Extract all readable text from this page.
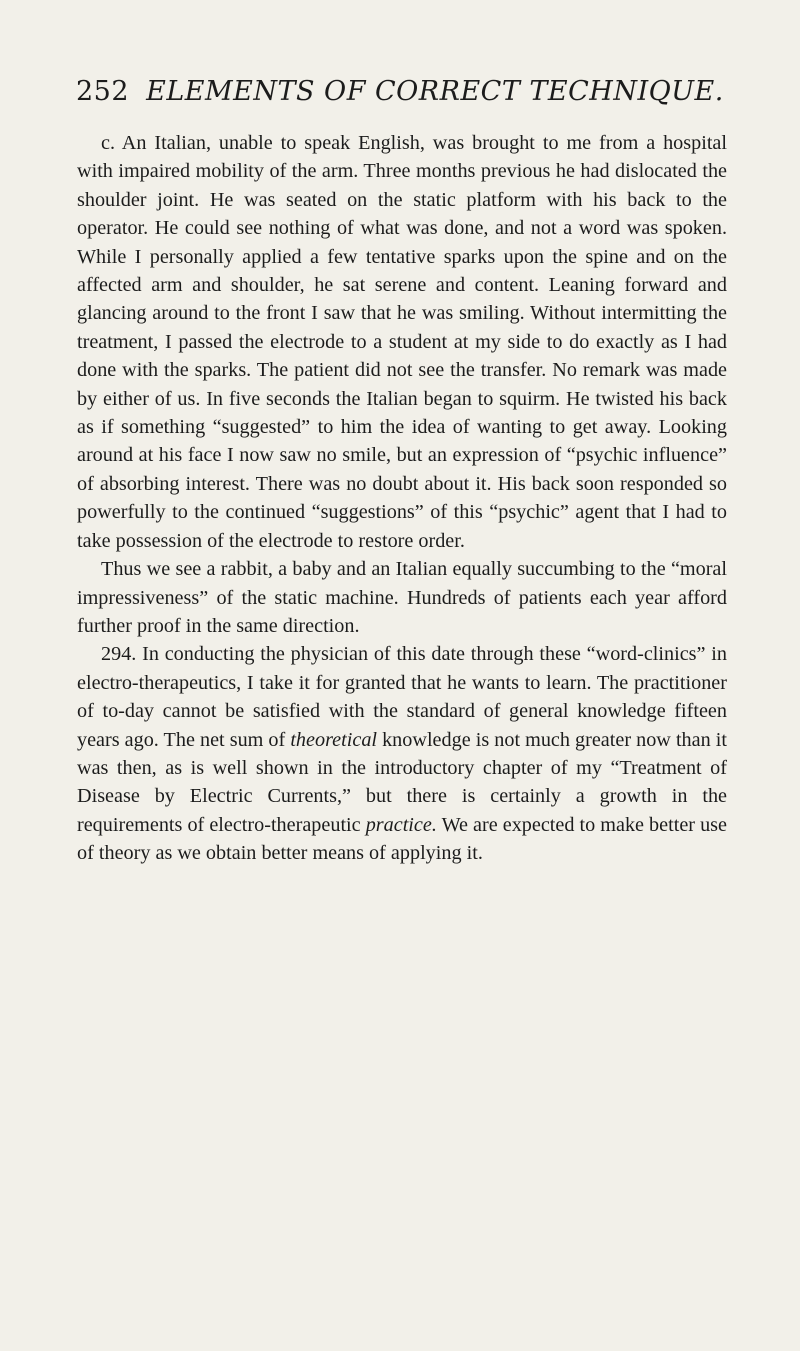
252 ELEMENTS OF CORRECT TECHNIQUE.

c. An Italian, unable to speak English, was brought to me from a hospital with impaired mobility of the arm. Three months previous he had dislocated the shoulder joint. He was seated on the static platform with his back to the operator. He could see nothing of what was done, and not a word was spoken. While I personally applied a few tentative sparks upon the spine and on the affected arm and shoulder, he sat serene and content. Leaning forward and glancing around to the front I saw that he was smiling. Without intermitting the treatment, I passed the electrode to a student at my side to do exactly as I had done with the sparks. The patient did not see the transfer. No remark was made by either of us. In five seconds the Italian began to squirm. He twisted his back as if something “suggested” to him the idea of wanting to get away. Looking around at his face I now saw no smile, but an expression of “psychic influence” of absorbing interest. There was no doubt about it. His back soon responded so powerfully to the continued “suggestions” of this “psychic” agent that I had to take possession of the electrode to restore order.

Thus we see a rabbit, a baby and an Italian equally succumbing to the “moral impressiveness” of the static machine. Hundreds of patients each year afford further proof in the same direction.

294. In conducting the physician of this date through these “word-clinics” in electro-therapeutics, I take it for granted that he wants to learn. The practitioner of to-day cannot be satisfied with the standard of general knowledge fifteen years ago. The net sum of theoretical knowledge is not much greater now than it was then, as is well shown in the introductory chapter of my “Treatment of Disease by Electric Currents,” but there is certainly a growth in the requirements of electro-therapeutic practice. We are expected to make better use of theory as we obtain better means of applying it.
